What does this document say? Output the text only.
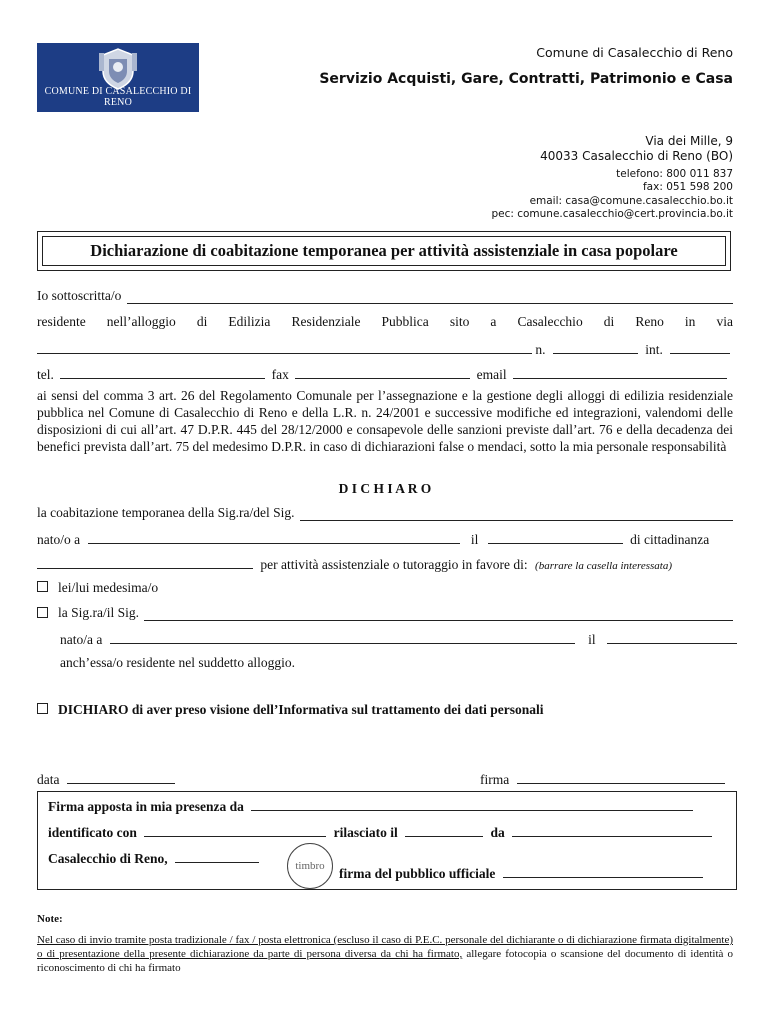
COMUNE DI CASALECCHIO DI RENO
Comune di Casalecchio di Reno
Servizio Acquisti, Gare, Contratti, Patrimonio e Casa
Via dei Mille, 9
40033 Casalecchio di Reno (BO)
telefono: 800 011 837
fax: 051 598 200
email: casa@comune.casalecchio.bo.it
pec: comune.casalecchio@cert.provincia.bo.it
Dichiarazione di coabitazione temporanea per attività assistenziale in casa popolare
Io sottoscritta/o
residente nell’alloggio di Edilizia Residenziale Pubblica sito a Casalecchio di Reno in via
n.	int.
tel.	fax	email
ai sensi del comma 3 art. 26 del Regolamento Comunale per l’assegnazione e la gestione degli alloggi di edilizia residenziale pubblica nel Comune di Casalecchio di Reno e della L.R. n. 24/2001 e successive modifiche ed integrazioni, valendomi delle disposizioni di cui all’art. 47 D.P.R. 445 del 28/12/2000 e consapevole delle sanzioni previste dall’art. 76 e della decadenza dei benefici prevista dall’art. 75 del medesimo D.P.R. in caso di dichiarazioni false o mendaci, sotto la mia personale responsabilità
D I C H I A R O
la coabitazione temporanea della Sig.ra/del Sig.
nato/o a	il	di cittadinanza
per attività assistenziale o tutoraggio in favore di: (barrare la casella interessata)
lei/lui medesima/o
la Sig.ra/il Sig.
nato/a a	il
anch’essa/o residente nel suddetto alloggio.
DICHIARO di aver preso visione dell’Informativa sul trattamento dei dati personali
data	firma
Firma apposta in mia presenza da
identificato con	rilasciato il	da
Casalecchio di Reno,	timbro firma del pubblico ufficiale
Note:
Nel caso di invio tramite posta tradizionale / fax / posta elettronica (escluso il caso di P.E.C. personale del dichiarante o di dichiarazione firmata digitalmente) o di presentazione della presente dichiarazione da parte di persona diversa da chi ha firmato, allegare fotocopia o scansione del documento di identità o riconoscimento di chi ha firmato
